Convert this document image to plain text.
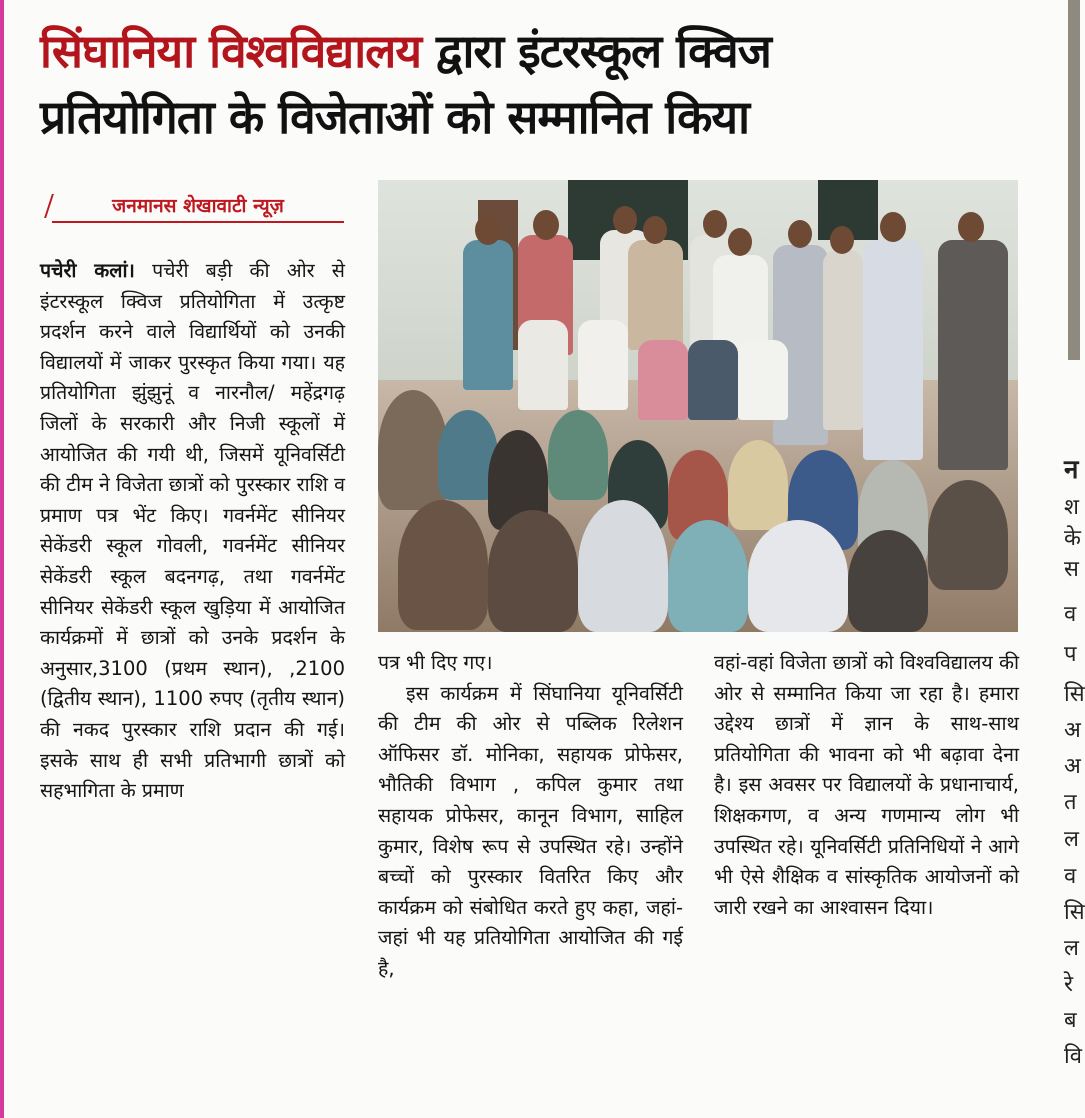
सिंघानिया विश्वविद्यालय द्वारा इंटरस्कूल क्विज
प्रतियोगिता के विजेताओं को सम्मानित किया
जनमानस शेखावाटी न्यूज़
पचेरी कलां। पचेरी बड़ी की ओर से इंटरस्कूल क्विज प्रतियोगिता में उत्कृष्ट प्रदर्शन करने वाले विद्यार्थियों को उनकी विद्यालयों में जाकर पुरस्कृत किया गया। यह प्रतियोगिता झुंझुनूं व नारनौल/ महेंद्रगढ़ जिलों के सरकारी और निजी स्कूलों में आयोजित की गयी थी, जिसमें यूनिवर्सिटी की टीम ने विजेता छात्रों को पुरस्कार राशि व प्रमाण पत्र भेंट किए। गवर्नमेंट सीनियर सेकेंडरी स्कूल गोवली, गवर्नमेंट सीनियर सेकेंडरी स्कूल बदनगढ़, तथा गवर्नमेंट सीनियर सेकेंडरी स्कूल खुड़िया में आयोजित कार्यक्रमों में छात्रों को उनके प्रदर्शन के अनुसार,3100 (प्रथम स्थान), ,2100 (द्वितीय स्थान), 1100 रुपए (तृतीय स्थान) की नकद पुरस्कार राशि प्रदान की गई। इसके साथ ही सभी प्रतिभागी छात्रों को सहभागिता के प्रमाण
पत्र भी दिए गए।
इस कार्यक्रम में सिंघानिया यूनिवर्सिटी की टीम की ओर से पब्लिक रिलेशन ऑफिसर डॉ. मोनिका, सहायक प्रोफेसर, भौतिकी विभाग , कपिल कुमार तथा सहायक प्रोफेसर, कानून विभाग, साहिल कुमार, विशेष रूप से उपस्थित रहे। उन्होंने बच्चों को पुरस्कार वितरित किए और कार्यक्रम को संबोधित करते हुए कहा, जहां-जहां भी यह प्रतियोगिता आयोजित की गई है,
वहां-वहां विजेता छात्रों को विश्वविद्यालय की ओर से सम्मानित किया जा रहा है। हमारा उद्देश्य छात्रों में ज्ञान के साथ-साथ प्रतियोगिता की भावना को भी बढ़ावा देना है। इस अवसर पर विद्यालयों के प्रधानाचार्य, शिक्षकगण, व अन्य गणमान्य लोग भी उपस्थित रहे। यूनिवर्सिटी प्रतिनिधियों ने आगे भी ऐसे शैक्षिक व सांस्कृतिक आयोजनों को जारी रखने का आश्वासन दिया।
न
श
के
स
व
प
सि
अ
अ
त
ल
व
सि
ल
रे
ब
वि
